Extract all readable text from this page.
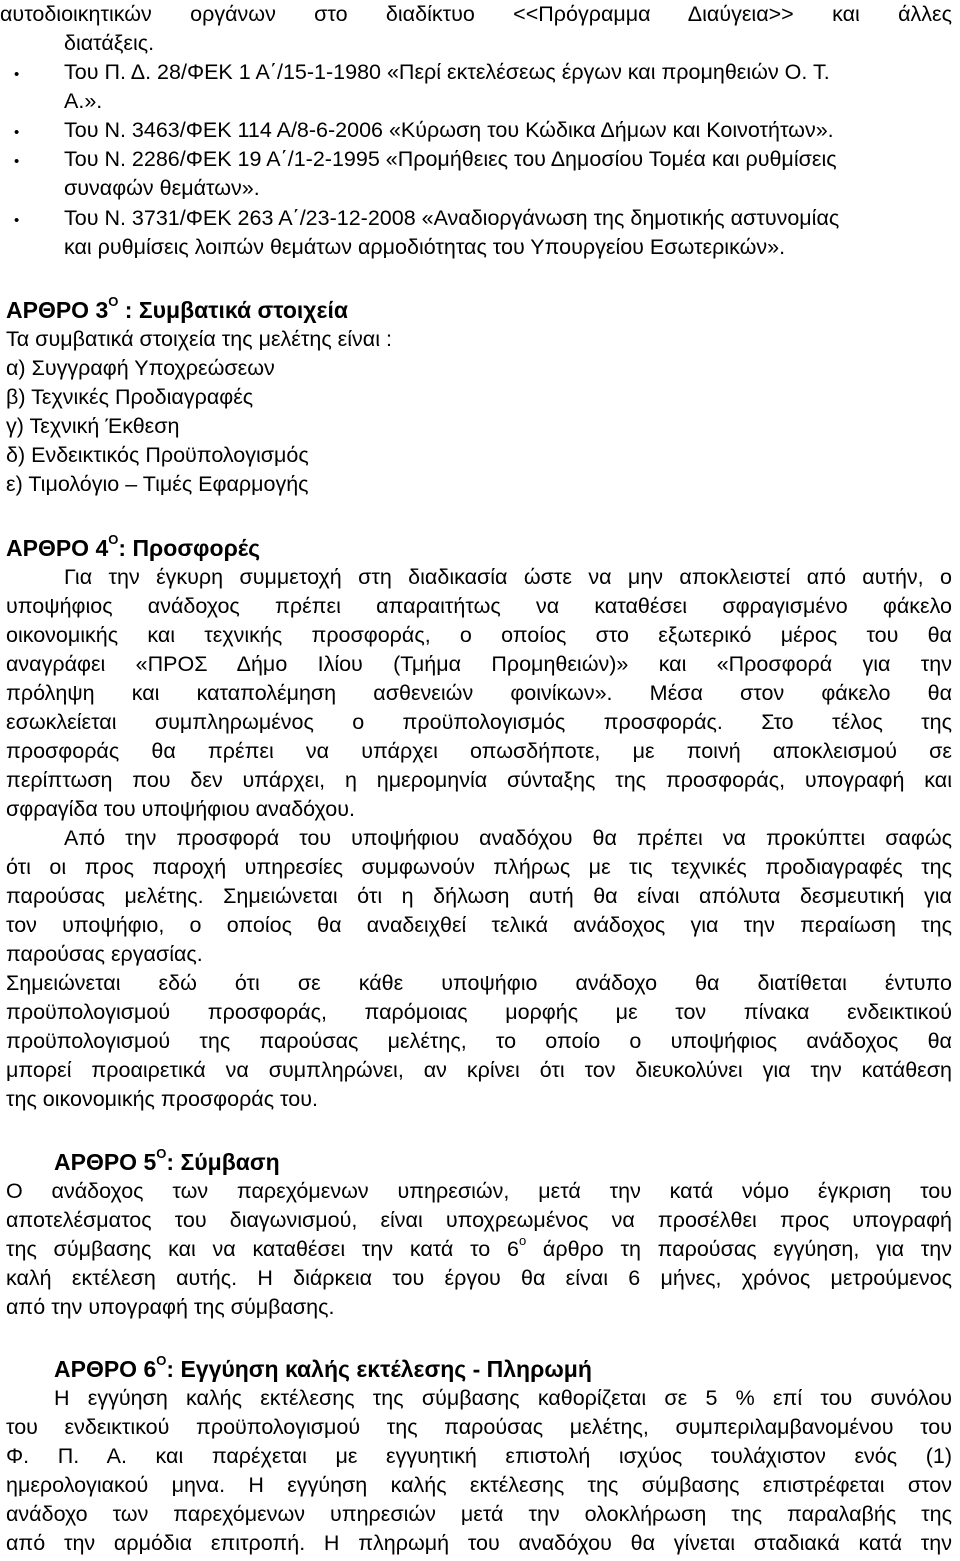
αυτοδιοικητικών οργάνων στο διαδίκτυο <<Πρόγραμμα Διαύγεια>> και άλλες
διατάξεις.
• Του Π. Δ. 28/ΦΕΚ 1 Α΄/15-1-1980 «Περί εκτελέσεως έργων και προμηθειών Ο. Τ.
Α.».
• Του Ν. 3463/ΦΕΚ 114 Α/8-6-2006 «Κύρωση του Κώδικα Δήμων και Κοινοτήτων».
• Του Ν. 2286/ΦΕΚ 19 Α΄/1-2-1995 «Προμήθειες του Δημοσίου Τομέα και ρυθμίσεις
συναφών θεμάτων».
• Του Ν. 3731/ΦΕΚ 263 Α΄/23-12-2008 «Αναδιοργάνωση της δημοτικής αστυνομίας
και ρυθμίσεις λοιπών θεμάτων αρμοδιότητας του Υπουργείου Εσωτερικών».
ΑΡΘΡΟ $3^O$ : Συμβατικά στοιχεία
Τα συμβατικά στοιχεία της μελέτης είναι :
α) Συγγραφή Υποχρεώσεων
β) Τεχνικές Προδιαγραφές
γ) Τεχνική Έκθεση
δ) Ενδεικτικός Προϋπολογισμός
ε) Τιμολόγιο – Τιμές Εφαρμογής
ΑΡΘΡΟ $4^O$: Προσφορές
Για την έγκυρη συμμετοχή στη διαδικασία ώστε να μην αποκλειστεί από αυτήν, ο
υποψήφιος ανάδοχος πρέπει απαραιτήτως να καταθέσει σφραγισμένο φάκελο
οικονομικής και τεχνικής προσφοράς, ο οποίος στο εξωτερικό μέρος του θα
αναγράφει «ΠΡΟΣ Δήμο Ιλίου (Τμήμα Προμηθειών)» και «Προσφορά για την
πρόληψη και καταπολέμηση ασθενειών φοινίκων». Μέσα στον φάκελο θα
εσωκλείεται συμπληρωμένος ο προϋπολογισμός προσφοράς. Στο τέλος της
προσφοράς θα πρέπει να υπάρχει οπωσδήποτε, με ποινή αποκλεισμού σε
περίπτωση που δεν υπάρχει, η ημερομηνία σύνταξης της προσφοράς, υπογραφή και
σφραγίδα του υποψήφιου αναδόχου.
Από την προσφορά του υποψήφιου αναδόχου θα πρέπει να προκύπτει σαφώς
ότι οι προς παροχή υπηρεσίες συμφωνούν πλήρως με τις τεχνικές προδιαγραφές της
παρούσας μελέτης. Σημειώνεται ότι η δήλωση αυτή θα είναι απόλυτα δεσμευτική για
τον υποψήφιο, ο οποίος θα αναδειχθεί τελικά ανάδοχος για την περαίωση της
παρούσας εργασίας.
Σημειώνεται εδώ ότι σε κάθε υποψήφιο ανάδοχο θα διατίθεται έντυπο
προϋπολογισμού προσφοράς, παρόμοιας μορφής με τον πίνακα ενδεικτικού
προϋπολογισμού της παρούσας μελέτης, το οποίο ο υποψήφιος ανάδοχος θα
μπορεί προαιρετικά να συμπληρώνει, αν κρίνει ότι τον διευκολύνει για την κατάθεση
της οικονομικής προσφοράς του.
ΑΡΘΡΟ $5^O$: Σύμβαση
Ο ανάδοχος των παρεχόμενων υπηρεσιών, μετά την κατά νόμο έγκριση του
αποτελέσματος του διαγωνισμού, είναι υποχρεωμένος να προσέλθει προς υπογραφή
της σύμβασης και να καταθέσει την κατά το $6^o$ άρθρο τη παρούσας εγγύηση, για την
καλή εκτέλεση αυτής. Η διάρκεια του έργου θα είναι 6 μήνες, χρόνος μετρούμενος
από την υπογραφή της σύμβασης.
ΑΡΘΡΟ $6^O$: Εγγύηση καλής εκτέλεσης - Πληρωμή
Η εγγύηση καλής εκτέλεσης της σύμβασης καθορίζεται σε 5 % επί του συνόλου
του ενδεικτικού προϋπολογισμού της παρούσας μελέτης, συμπεριλαμβανομένου του
Φ. Π. Α. και παρέχεται με εγγυητική επιστολή ισχύος τουλάχιστον ενός (1)
ημερολογιακού μηνα. Η εγγύηση καλής εκτέλεσης της σύμβασης επιστρέφεται στον
ανάδοχο των παρεχόμενων υπηρεσιών μετά την ολοκλήρωση της παραλαβής της
από την αρμόδια επιτροπή. Η πληρωμή του αναδόχου θα γίνεται σταδιακά κατά την
